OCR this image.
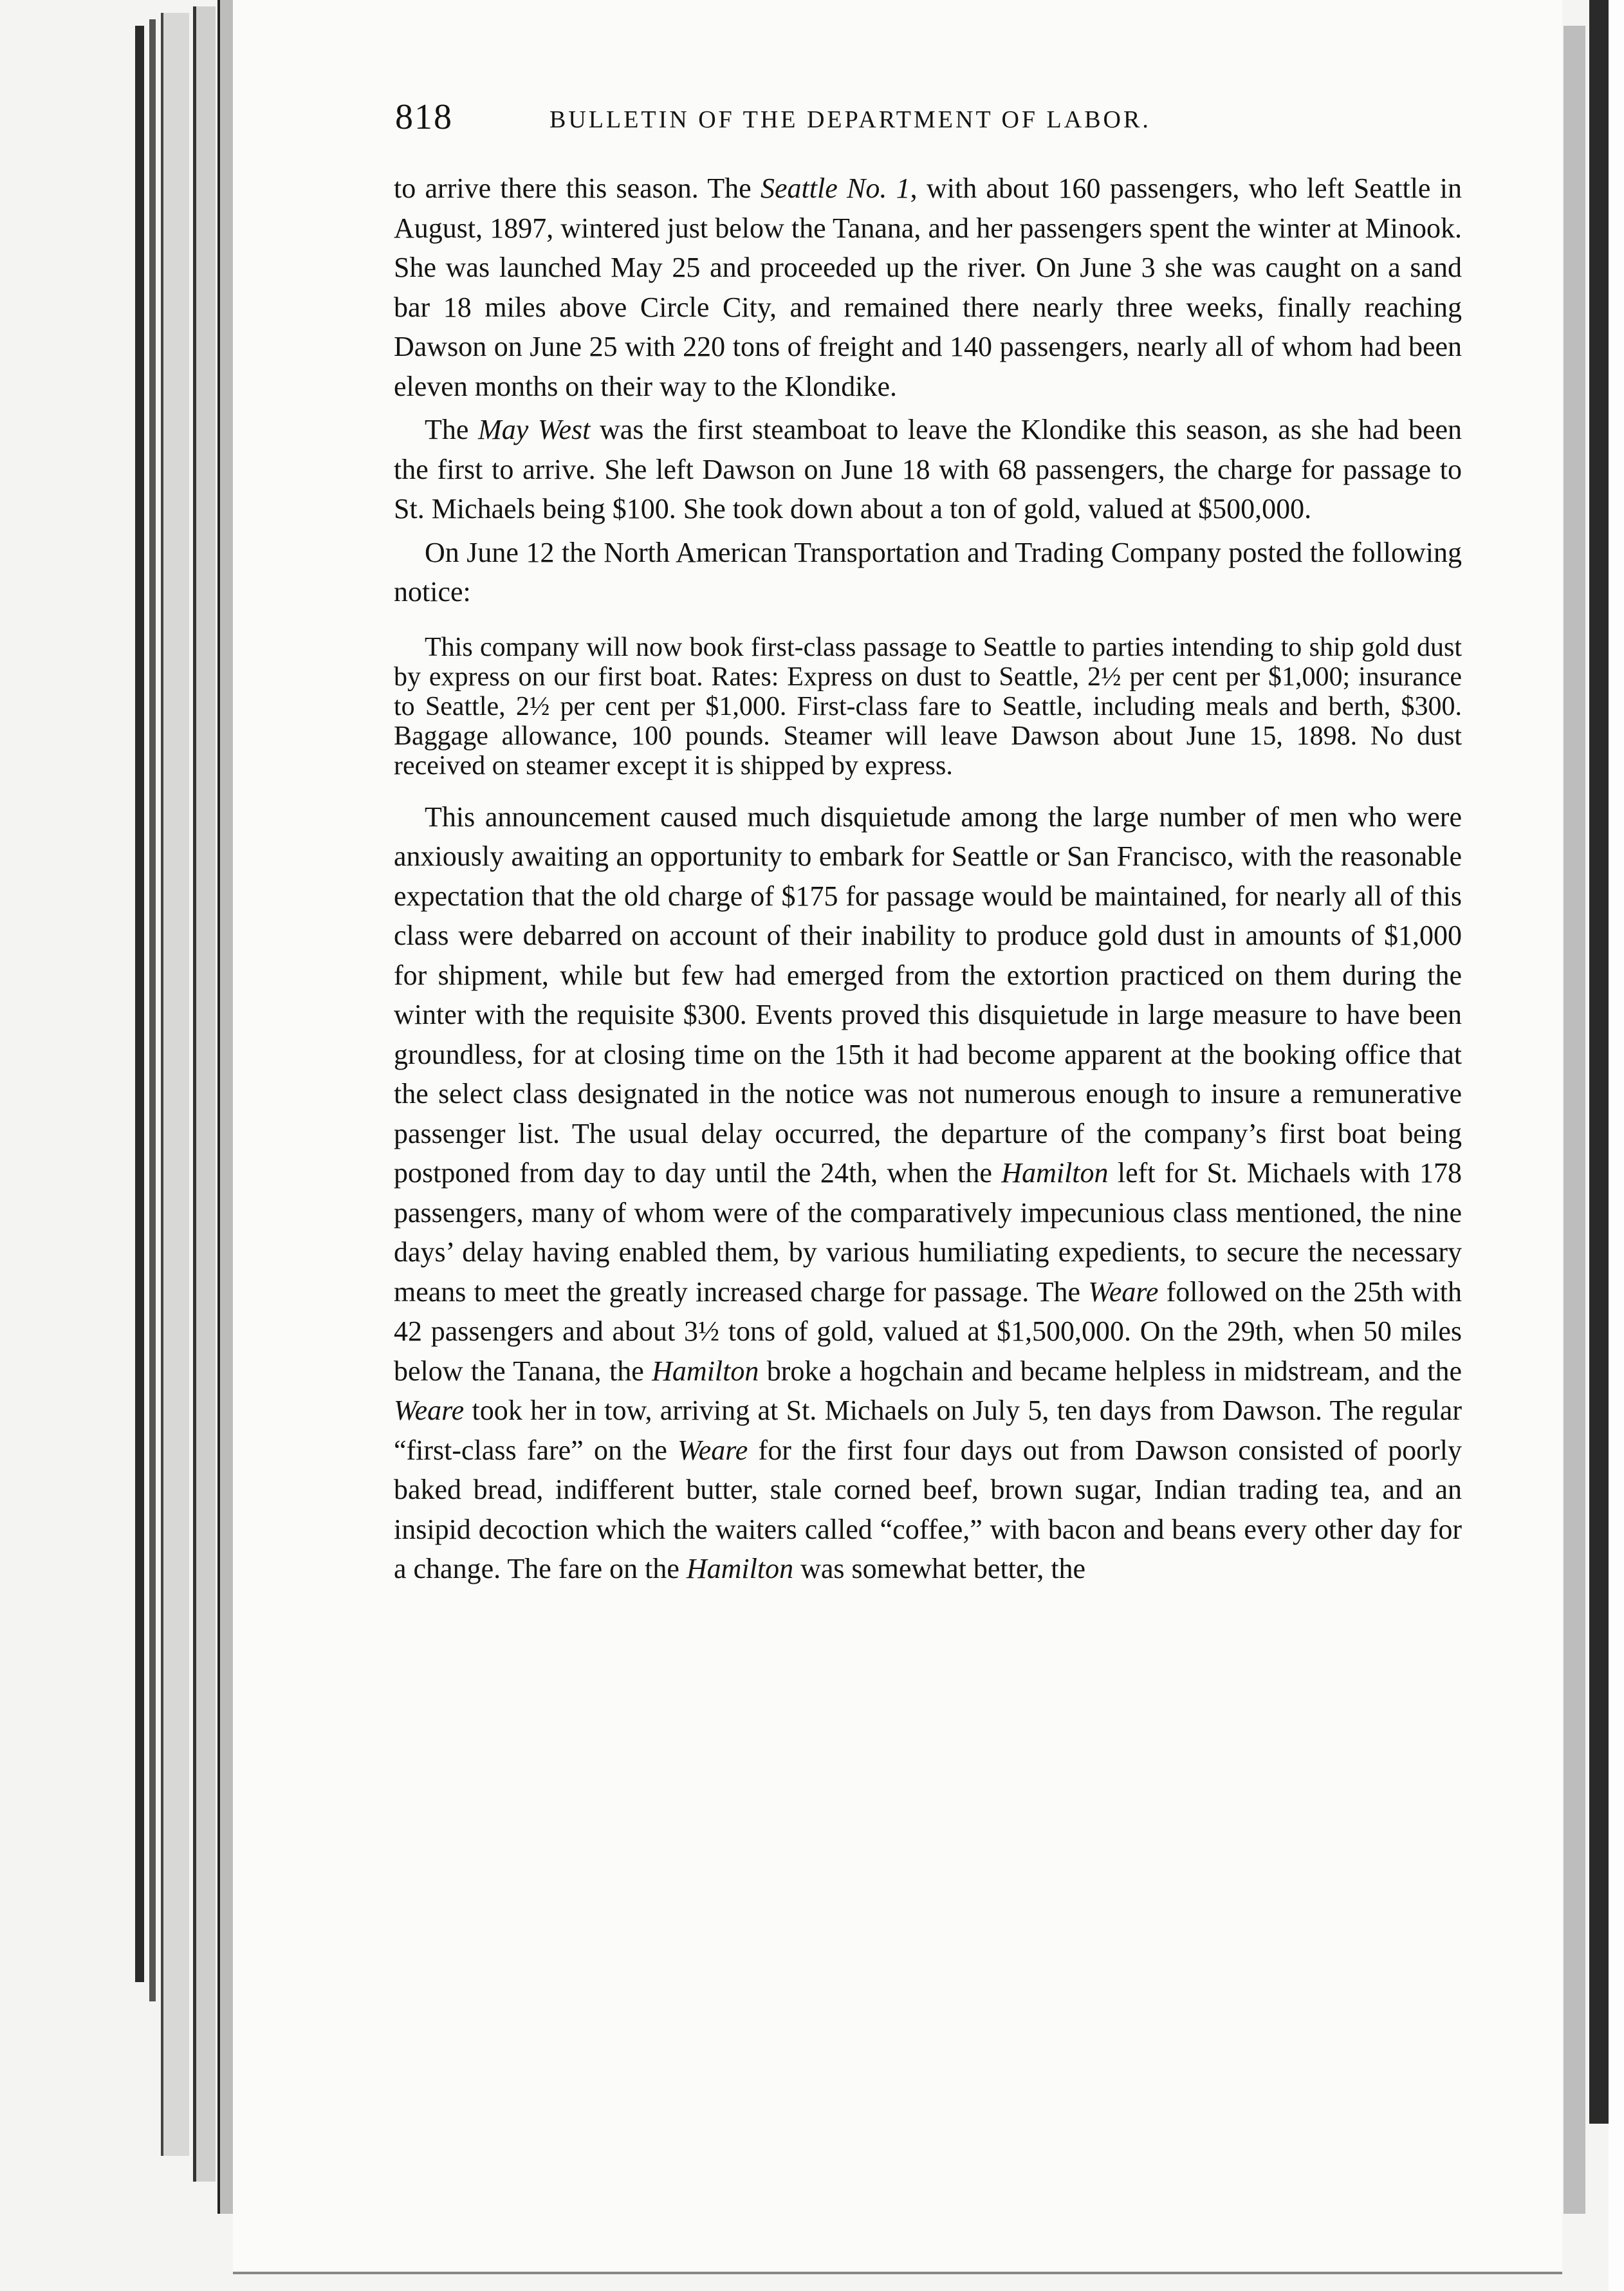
818	BULLETIN OF THE DEPARTMENT OF LABOR.

to arrive there this season. The Seattle No. 1, with about 160 passengers, who left Seattle in August, 1897, wintered just below the Tanana, and her passengers spent the winter at Minook. She was launched May 25 and proceeded up the river. On June 3 she was caught on a sand bar 18 miles above Circle City, and remained there nearly three weeks, finally reaching Dawson on June 25 with 220 tons of freight and 140 passengers, nearly all of whom had been eleven months on their way to the Klondike.

The May West was the first steamboat to leave the Klondike this season, as she had been the first to arrive. She left Dawson on June 18 with 68 passengers, the charge for passage to St. Michaels being $100. She took down about a ton of gold, valued at $500,000.

On June 12 the North American Transportation and Trading Company posted the following notice:

This company will now book first-class passage to Seattle to parties intending to ship gold dust by express on our first boat. Rates: Express on dust to Seattle, 2½ per cent per $1,000; insurance to Seattle, 2½ per cent per $1,000. First-class fare to Seattle, including meals and berth, $300. Baggage allowance, 100 pounds. Steamer will leave Dawson about June 15, 1898. No dust received on steamer except it is shipped by express.

This announcement caused much disquietude among the large number of men who were anxiously awaiting an opportunity to embark for Seattle or San Francisco, with the reasonable expectation that the old charge of $175 for passage would be maintained, for nearly all of this class were debarred on account of their inability to produce gold dust in amounts of $1,000 for shipment, while but few had emerged from the extortion practiced on them during the winter with the requisite $300. Events proved this disquietude in large measure to have been groundless, for at closing time on the 15th it had become apparent at the booking office that the select class designated in the notice was not numerous enough to insure a remunerative passenger list. The usual delay occurred, the departure of the company’s first boat being postponed from day to day until the 24th, when the Hamilton left for St. Michaels with 178 passengers, many of whom were of the comparatively impecunious class mentioned, the nine days’ delay having enabled them, by various humiliating expedients, to secure the necessary means to meet the greatly increased charge for passage. The Weare followed on the 25th with 42 passengers and about 3½ tons of gold, valued at $1,500,000. On the 29th, when 50 miles below the Tanana, the Hamilton broke a hogchain and became helpless in midstream, and the Weare took her in tow, arriving at St. Michaels on July 5, ten days from Dawson. The regular “first-class fare” on the Weare for the first four days out from Dawson consisted of poorly baked bread, indifferent butter, stale corned beef, brown sugar, Indian trading tea, and an insipid decoction which the waiters called “coffee,” with bacon and beans every other day for a change. The fare on the Hamilton was somewhat better, the
